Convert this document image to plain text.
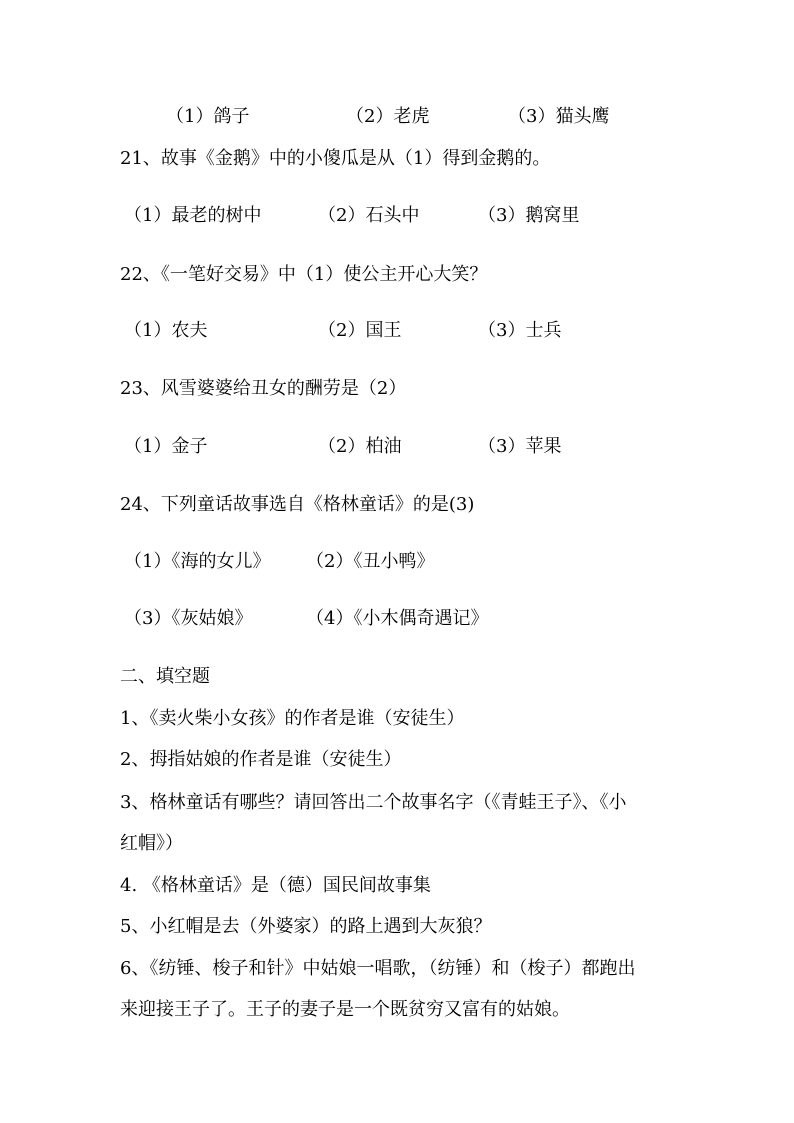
（1）鸽子	（2）老虎	（3）猫头鹰
21、故事《金鹅》中的小傻瓜是从（1）得到金鹅的。
（1）最老的树中	（2）石头中	（3）鹅窝里
22、《一笔好交易》中（1）使公主开心大笑？
（1）农夫	（2）国王	（3）士兵
23、风雪婆婆给丑女的酬劳是（2）
（1）金子	（2）柏油	（3）苹果
24、下列童话故事选自《格林童话》的是(3)
（1）《海的女儿》 （2）《丑小鸭》
（3）《灰姑娘》	（4）《小木偶奇遇记》
二、填空题
1、《卖火柴小女孩》的作者是谁（安徒生）
2、拇指姑娘的作者是谁（安徒生）
3、格林童话有哪些？请回答出二个故事名字（《青蛙王子》、《小
红帽》）
4. 《格林童话》是（德）国民间故事集
5、小红帽是去（外婆家）的路上遇到大灰狼？
6、《纺锤、梭子和针》中姑娘一唱歌，（纺锤）和（梭子）都跑出
来迎接王子了。王子的妻子是一个既贫穷又富有的姑娘。
